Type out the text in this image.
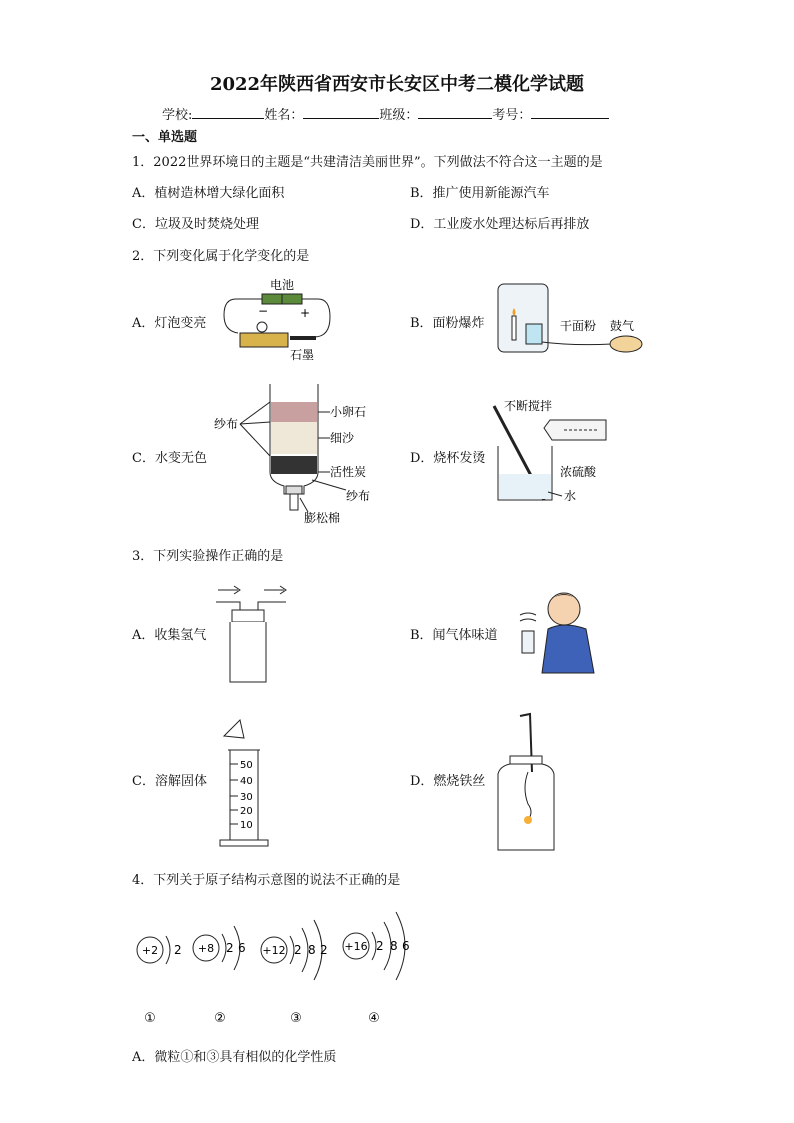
2022年陕西省西安市长安区中考二模化学试题
学校:	姓名：	班级：	考号：
一、单选题
1．2022世界环境日的主题是“共建清洁美丽世界”。下列做法不符合这一主题的是
A．植树造林增大绿化面积	B．推广使用新能源汽车
C．垃圾及时焚烧处理	D．工业废水处理达标后再排放
2．下列变化属于化学变化的是
A．灯泡变亮	B．面粉爆炸
C．水变无色	D．烧杯发烫
电池
−	+
石墨
干面粉 鼓气
纱布
小卵石
细沙
活性炭
纱布
膨松棉
不断搅拌
浓硫酸
水
3．下列实验操作正确的是
A．收集氢气	B．闻气体味道
C．溶解固体	D．燃烧铁丝
50
40
30
20
10
4．下列关于原子结构示意图的说法不正确的是
+2 2
①
+8 2 6
②
+12 2 8 2
③
+16 2 8 6
④
A．微粒①和③具有相似的化学性质
